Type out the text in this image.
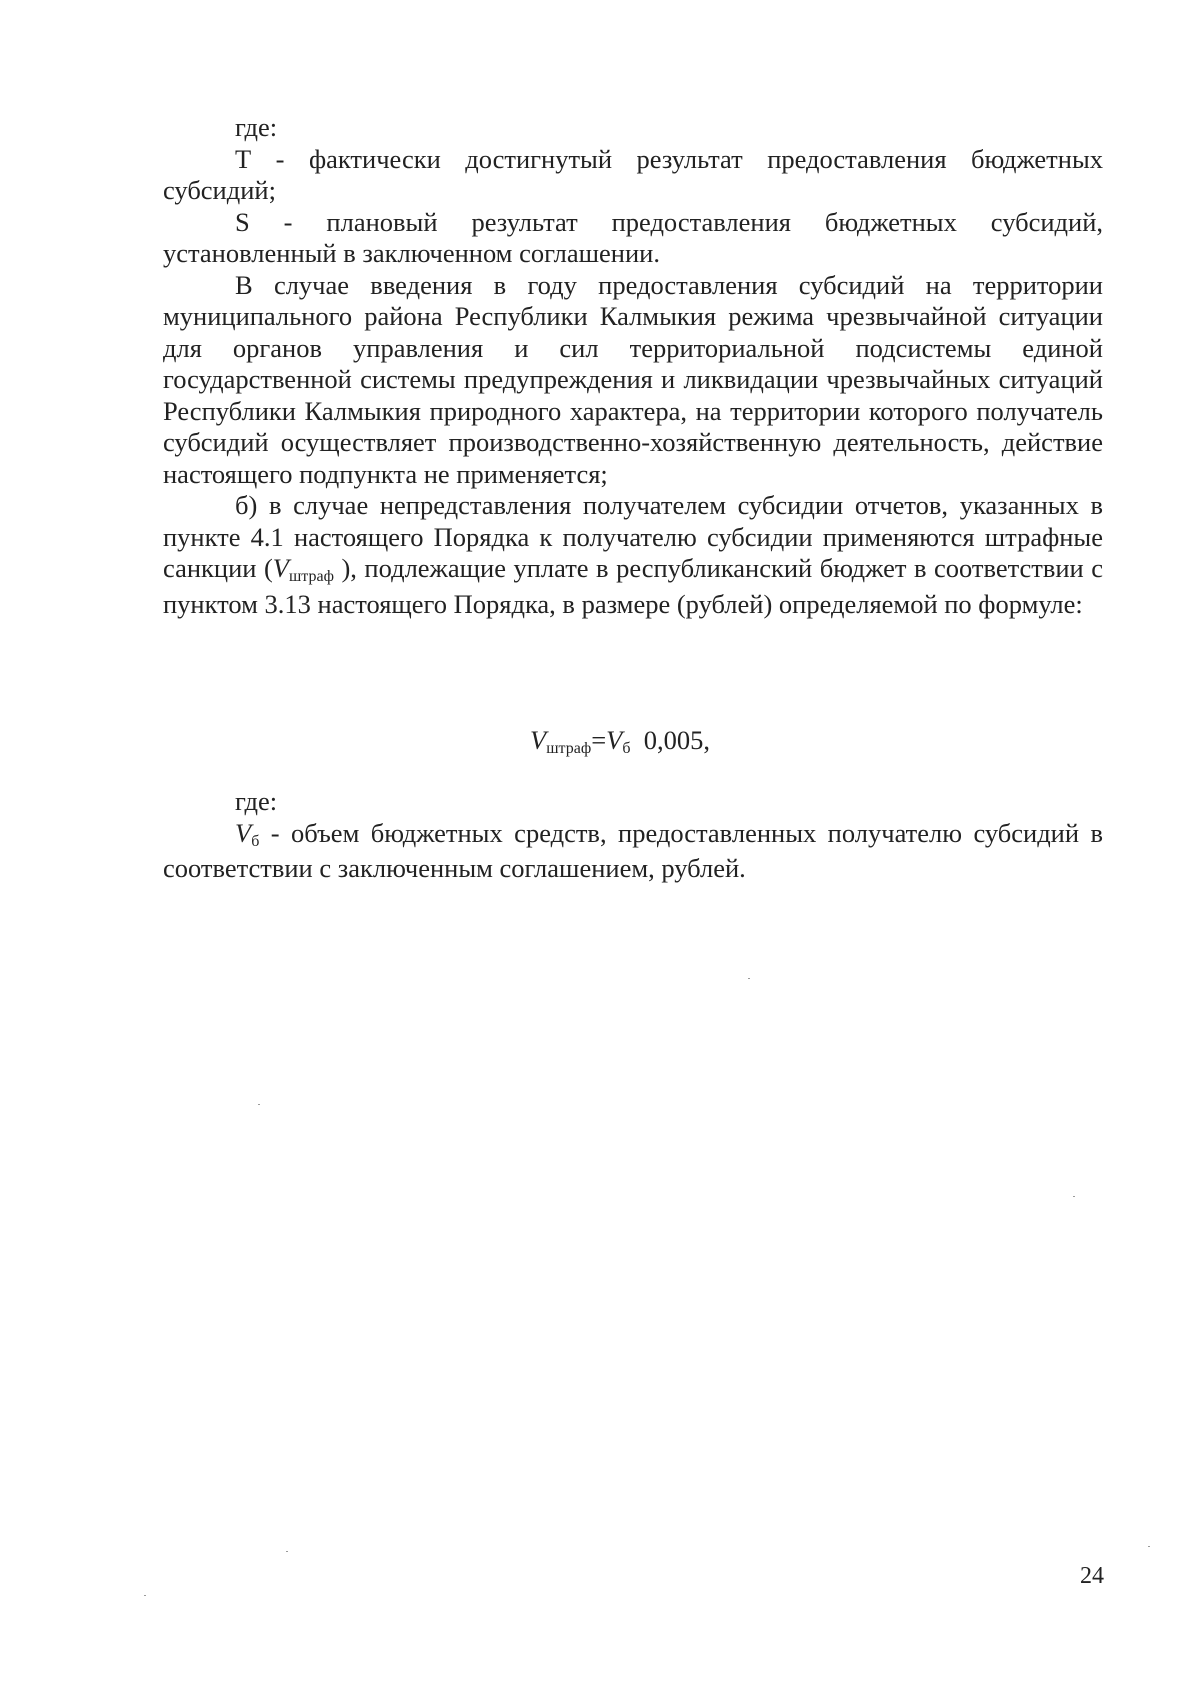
где:

Т - фактически достигнутый результат предоставления бюджетных субсидий;

S - плановый результат предоставления бюджетных субсидий, установленный в заключенном соглашении.

В случае введения в году предоставления субсидий на территории муниципального района Республики Калмыкия режима чрезвычайной ситуации для органов управления и сил территориальной подсистемы единой государственной системы предупреждения и ликвидации чрезвычайных ситуаций Республики Калмыкия природного характера, на территории которого получатель субсидий осуществляет производственно-хозяйственную деятельность, действие настоящего подпункта не применяется;

б) в случае непредставления получателем субсидии отчетов, указанных в пункте 4.1 настоящего Порядка к получателю субсидии применяются штрафные санкции (Vштраф ), подлежащие уплате в республиканский бюджет в соответствии с пунктом 3.13 настоящего Порядка, в размере (рублей) определяемой по формуле:

Vштраф=Vб  0,005,

где:

Vб - объем бюджетных средств, предоставленных получателю субсидий в соответствии с заключенным соглашением, рублей.

24
